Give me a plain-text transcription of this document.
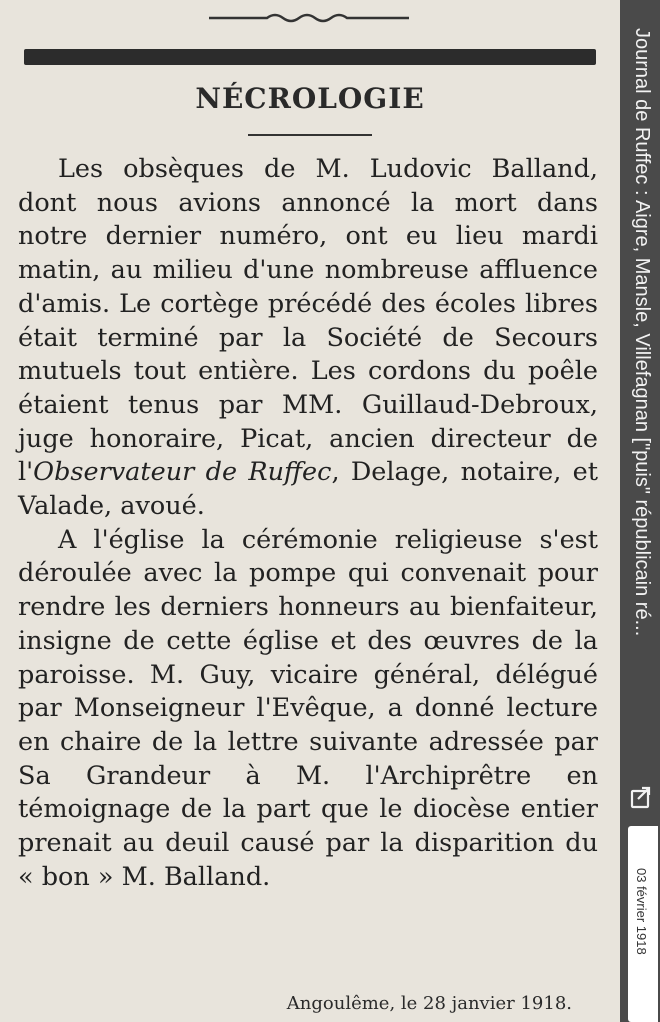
NÉCROLOGIE

Les obsèques de M. Ludovic Balland, dont nous avions annoncé la mort dans notre dernier numéro, ont eu lieu mardi matin, au milieu d'une nombreuse affluence d'amis. Le cortège précédé des écoles libres était terminé par la Société de Secours mutuels tout entière. Les cordons du poêle étaient tenus par MM. Guillaud-Debroux, juge honoraire, Picat, ancien directeur de l'Observateur de Ruffec, Delage, notaire, et Valade, avoué.

A l'église la cérémonie religieuse s'est déroulée avec la pompe qui convenait pour rendre les derniers honneurs au bienfaiteur, insigne de cette église et des œuvres de la paroisse. M. Guy, vicaire général, délégué par Monseigneur l'Evêque, a donné lecture en chaire de la lettre suivante adressée par Sa Grandeur à M. l'Archiprêtre en témoignage de la part que le diocèse entier prenait au deuil causé par la disparition du « bon » M. Balland.

Angoulême, le 28 janvier 1918.
Journal de Ruffec : Aigre, Mansle, Villefagnan ["puis" républicain ré...
03 février 1918
